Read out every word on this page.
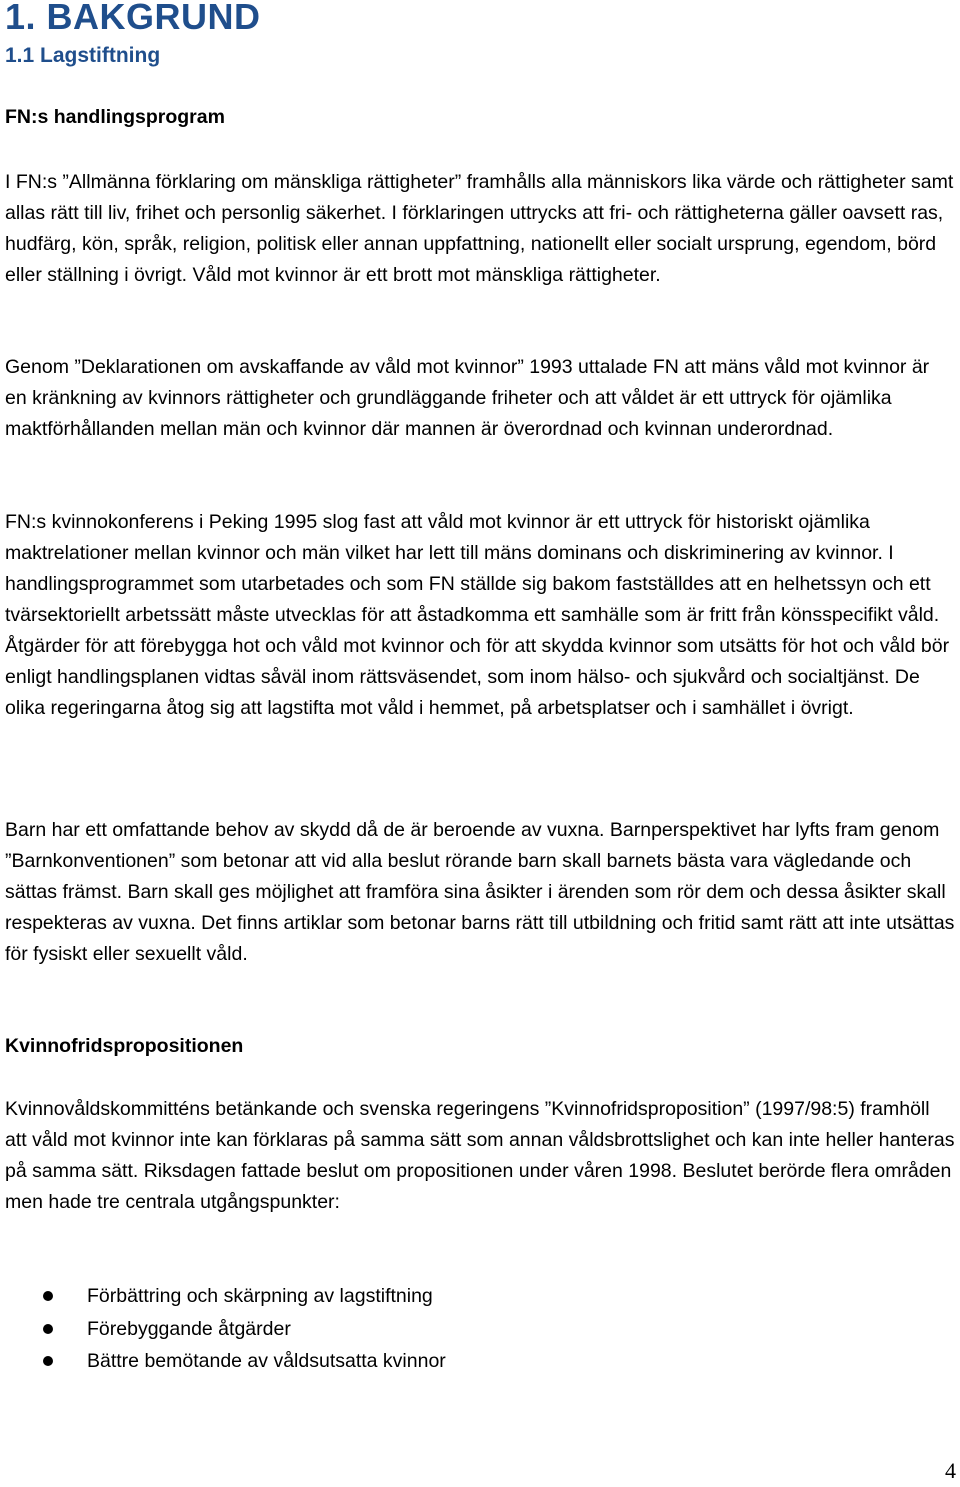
1. BAKGRUND
1.1 Lagstiftning

FN:s handlingsprogram

I FN:s ”Allmänna förklaring om mänskliga rättigheter” framhålls alla människors lika värde och rättigheter samt allas rätt till liv, frihet och personlig säkerhet. I förklaringen uttrycks att fri- och rättigheterna gäller oavsett ras, hudfärg, kön, språk, religion, politisk eller annan uppfattning, nationellt eller socialt ursprung, egendom, börd eller ställning i övrigt. Våld mot kvinnor är ett brott mot mänskliga rättigheter.

Genom ”Deklarationen om avskaffande av våld mot kvinnor” 1993 uttalade FN att mäns våld mot kvinnor är en kränkning av kvinnors rättigheter och grundläggande friheter och att våldet är ett uttryck för ojämlika maktförhållanden mellan män och kvinnor där mannen är överordnad och kvinnan underordnad.

FN:s kvinnokonferens i Peking 1995 slog fast att våld mot kvinnor är ett uttryck för historiskt ojämlika maktrelationer mellan kvinnor och män vilket har lett till mäns dominans och diskriminering av kvinnor. I handlingsprogrammet som utarbetades och som FN ställde sig bakom fastställdes att en helhetssyn och ett tvärsektoriellt arbetssätt måste utvecklas för att åstadkomma ett samhälle som är fritt från könsspecifikt våld. Åtgärder för att förebygga hot och våld mot kvinnor och för att skydda kvinnor som utsätts för hot och våld bör enligt handlingsplanen vidtas såväl inom rättsväsendet, som inom hälso- och sjukvård och socialtjänst. De olika regeringarna åtog sig att lagstifta mot våld i hemmet, på arbetsplatser och i samhället i övrigt.

Barn har ett omfattande behov av skydd då de är beroende av vuxna. Barnperspektivet har lyfts fram genom ”Barnkonventionen” som betonar att vid alla beslut rörande barn skall barnets bästa vara vägledande och sättas främst. Barn skall ges möjlighet att framföra sina åsikter i ärenden som rör dem och dessa åsikter skall respekteras av vuxna. Det finns artiklar som betonar barns rätt till utbildning och fritid samt rätt att inte utsättas för fysiskt eller sexuellt våld.

Kvinnofridspropositionen

Kvinnovåldskommitténs betänkande och svenska regeringens ”Kvinnofridsproposition” (1997/98:5) framhöll att våld mot kvinnor inte kan förklaras på samma sätt som annan våldsbrottslighet och kan inte heller hanteras på samma sätt. Riksdagen fattade beslut om propositionen under våren 1998. Beslutet berörde flera områden men hade tre centrala utgångspunkter:

Förbättring och skärpning av lagstiftning
Förebyggande åtgärder
Bättre bemötande av våldsutsatta kvinnor
4
